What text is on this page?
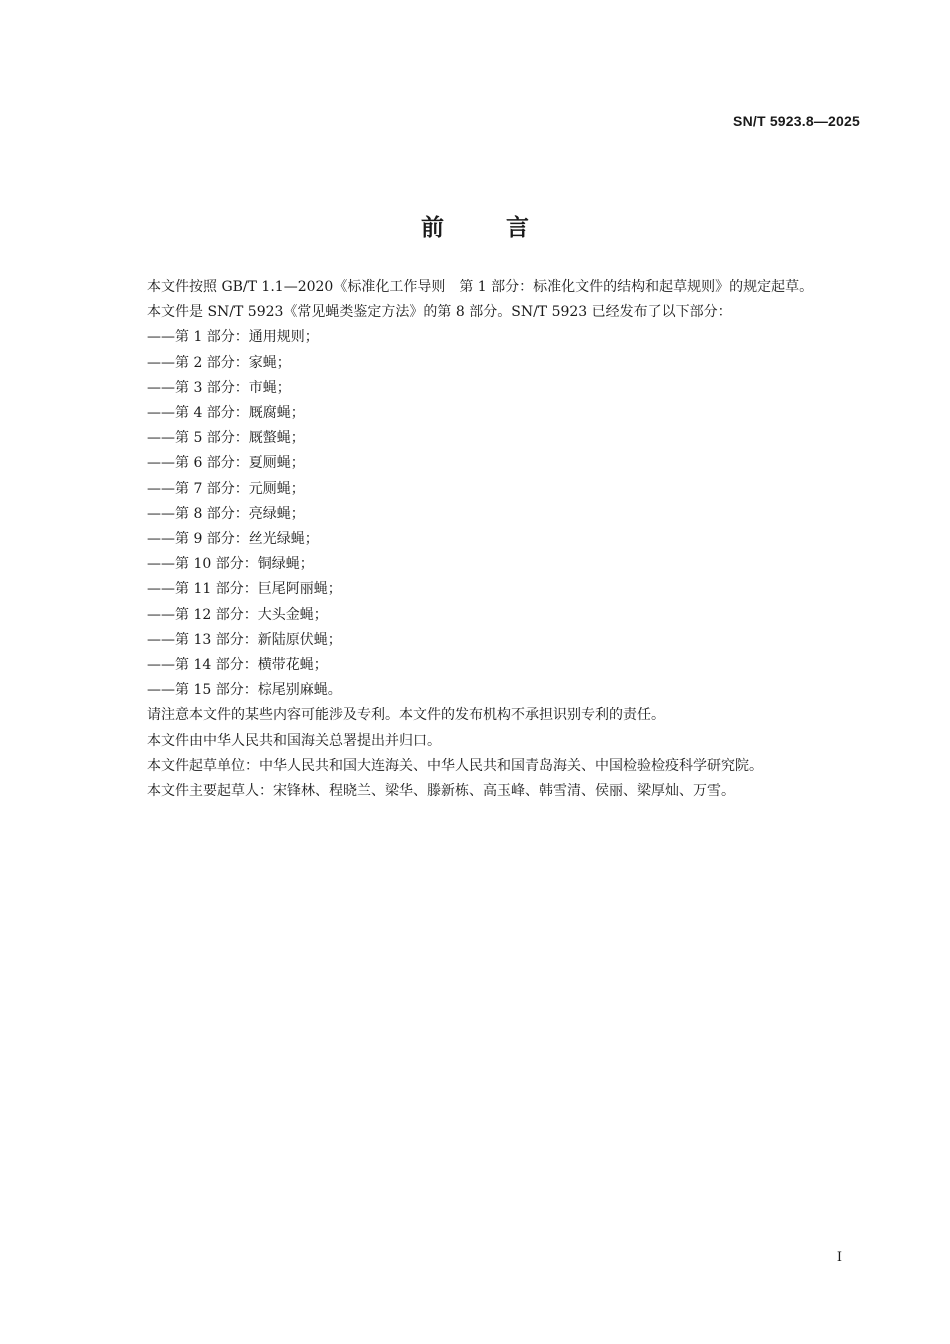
SN/T 5923.8—2025
前言

本文件按照 GB/T 1.1—2020《标准化工作导则　第 1 部分：标准化文件的结构和起草规则》的规定起草。

本文件是 SN/T 5923《常见蝇类鉴定方法》的第 8 部分。SN/T 5923 已经发布了以下部分：

——第 1 部分：通用规则；
——第 2 部分：家蝇；
——第 3 部分：市蝇；
——第 4 部分：厩腐蝇；
——第 5 部分：厩螫蝇；
——第 6 部分：夏厕蝇；
——第 7 部分：元厕蝇；
——第 8 部分：亮绿蝇；
——第 9 部分：丝光绿蝇；
——第 10 部分：铜绿蝇；
——第 11 部分：巨尾阿丽蝇；
——第 12 部分：大头金蝇；
——第 13 部分：新陆原伏蝇；
——第 14 部分：横带花蝇；
——第 15 部分：棕尾别麻蝇。

请注意本文件的某些内容可能涉及专利。本文件的发布机构不承担识别专利的责任。

本文件由中华人民共和国海关总署提出并归口。

本文件起草单位：中华人民共和国大连海关、中华人民共和国青岛海关、中国检验检疫科学研究院。

本文件主要起草人：宋锋林、程晓兰、梁华、滕新栋、高玉峰、韩雪清、侯丽、梁厚灿、万雪。

I
